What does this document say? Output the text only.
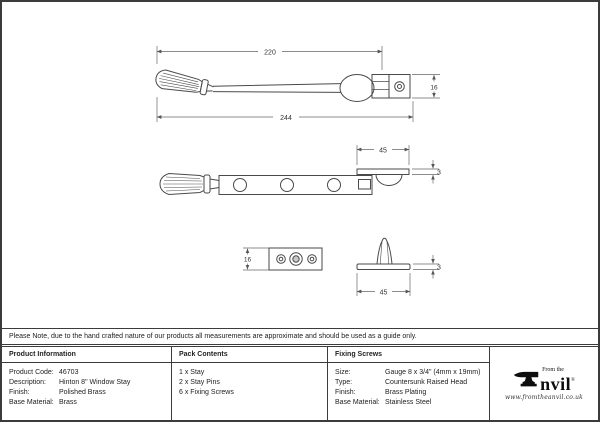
220
16
244
45
3
16
3
45
Please Note, due to the hand crafted nature of our products all measurements are approximate and should be used as a guide only.
Product Information
Product Code: 46703
Description:	Hinton 8" Window Stay
Finish:	Polished Brass
Base Material: Brass
Pack Contents
1 x Stay
2 x Stay Pins
6 x Fixing Screws
Fixing Screws
Size:	Gauge 8 x 3/4" (4mm x 19mm)
Type:	Countersunk Raised Head
Finish:	Brass Plating
Base Material: Stainless Steel
From the
nvil®
www.fromtheanvil.co.uk
